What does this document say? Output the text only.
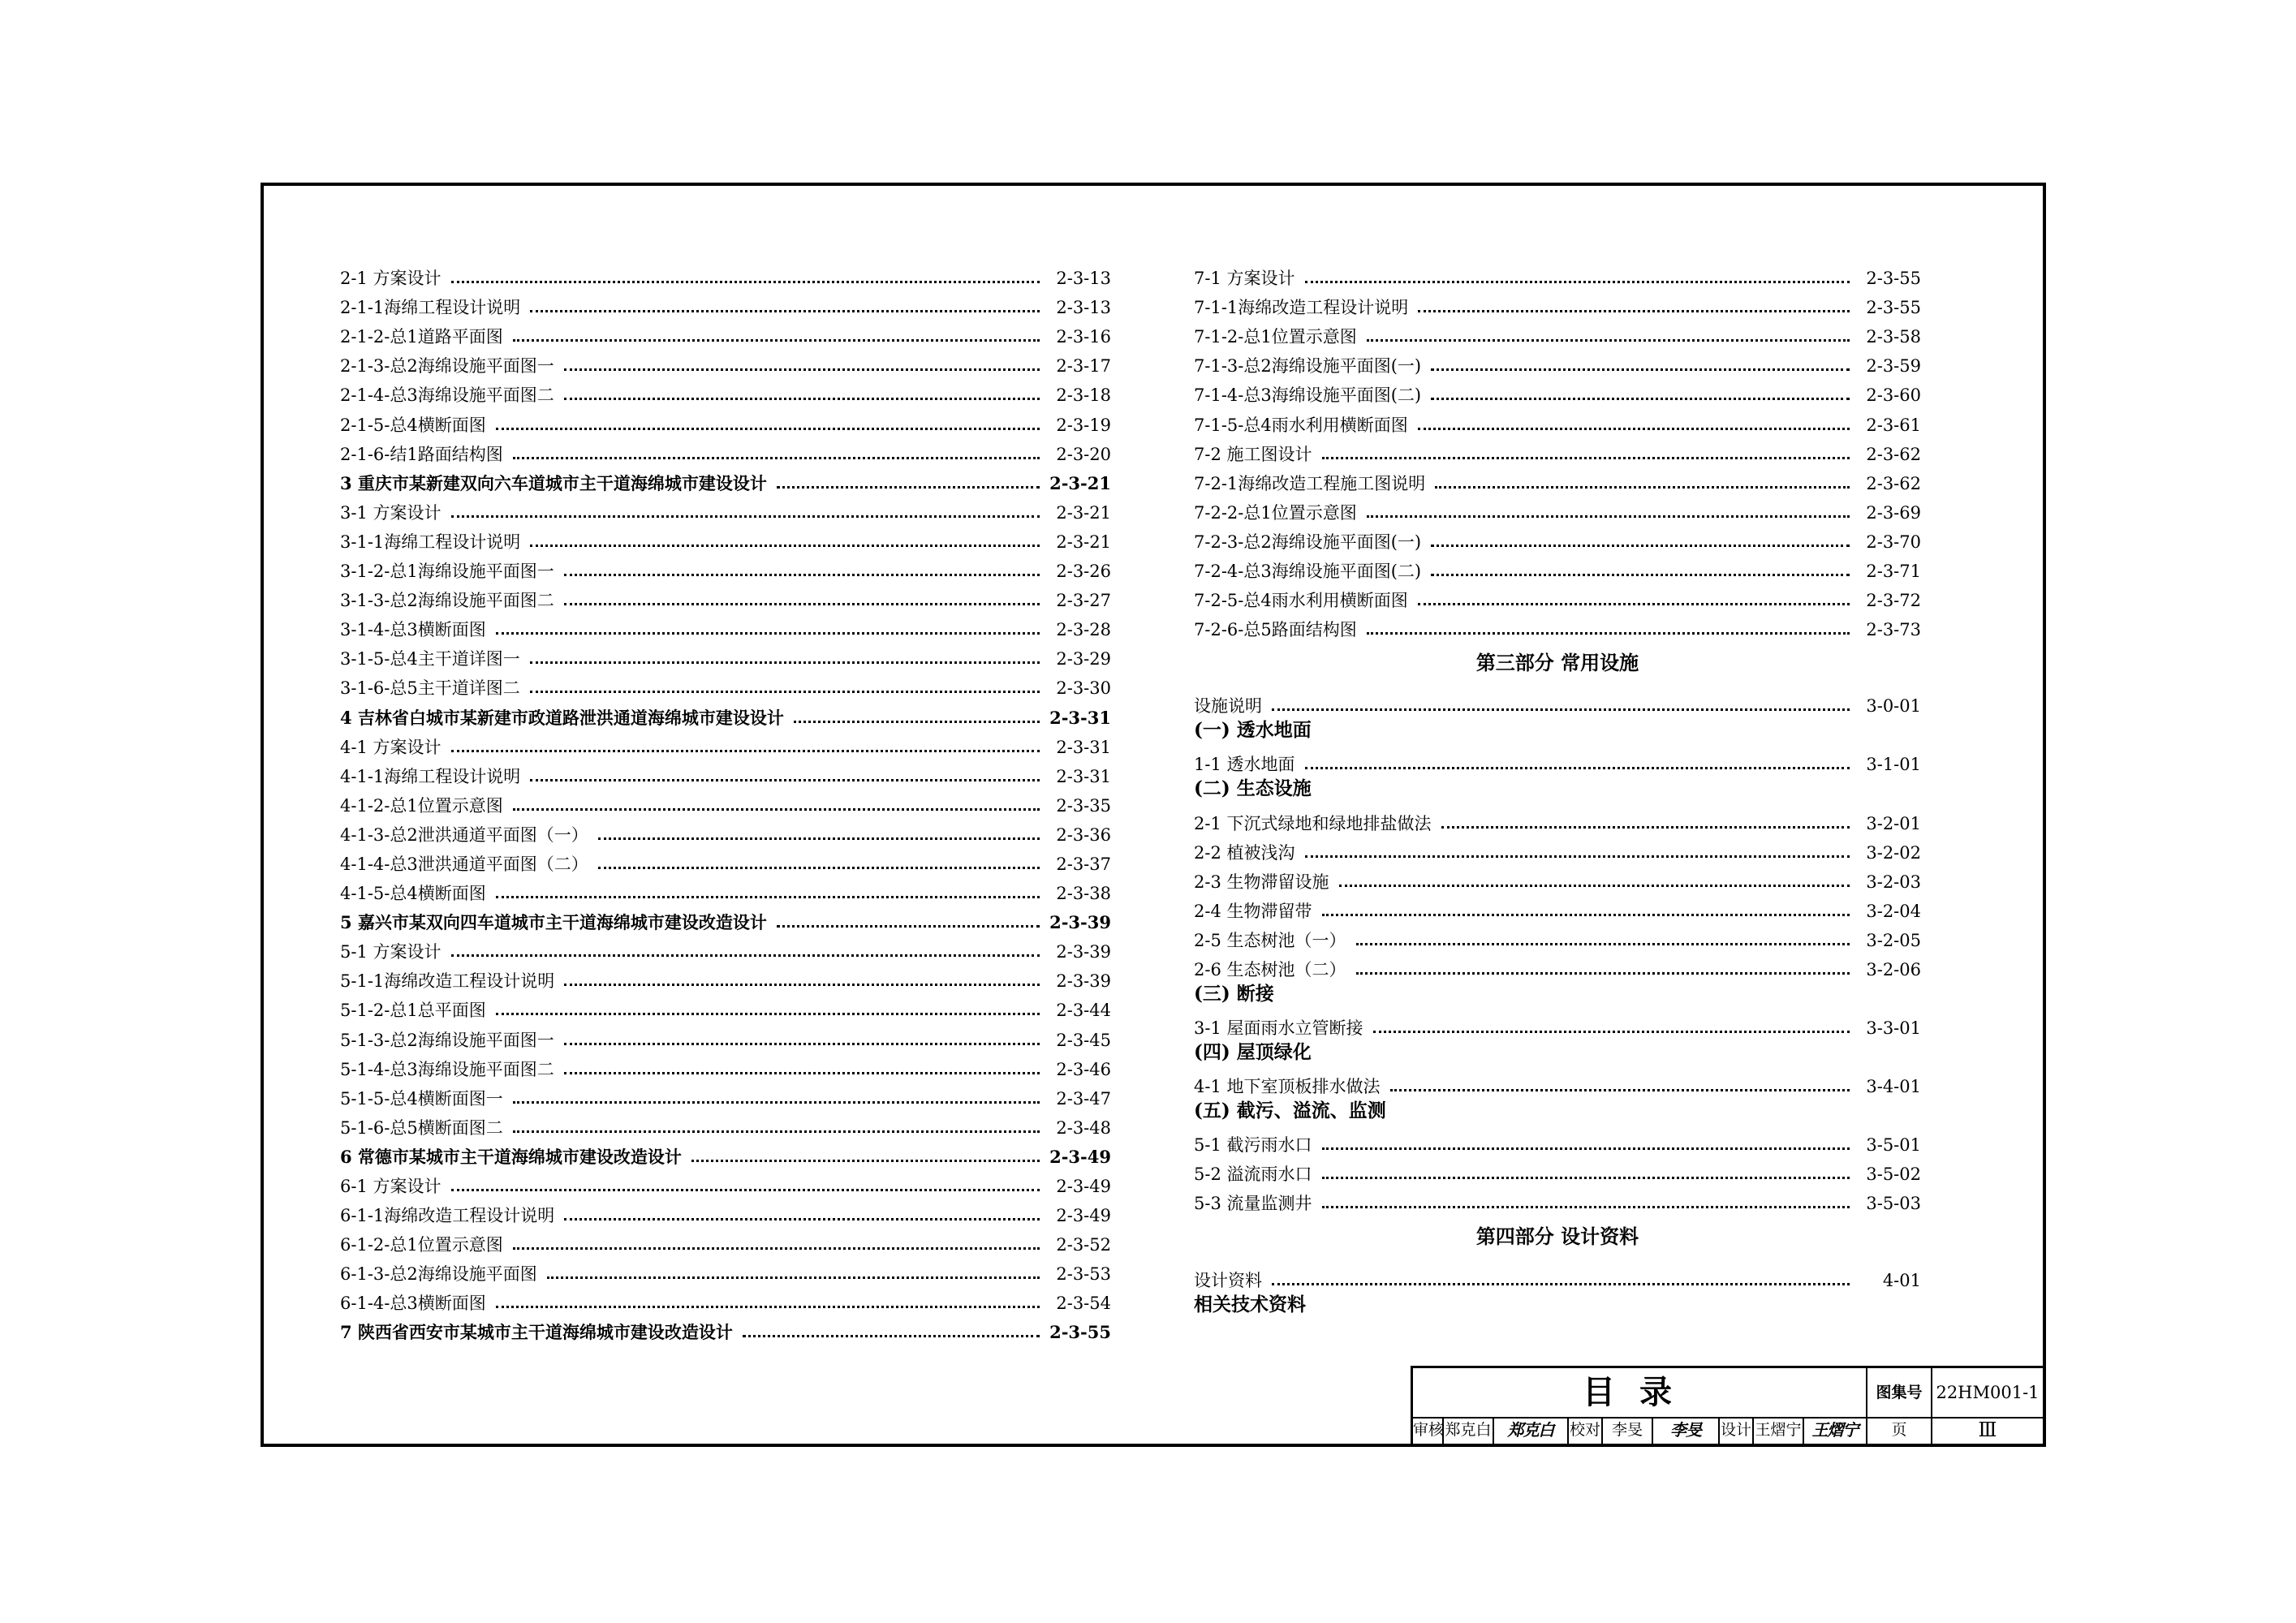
2-1 方案设计	2-3-13
2-1-1海绵工程设计说明	2-3-13
2-1-2-总1道路平面图	2-3-16
2-1-3-总2海绵设施平面图一	2-3-17
2-1-4-总3海绵设施平面图二	2-3-18
2-1-5-总4横断面图	2-3-19
2-1-6-结1路面结构图	2-3-20
3 重庆市某新建双向六车道城市主干道海绵城市建设设计	2-3-21
3-1 方案设计	2-3-21
3-1-1海绵工程设计说明	2-3-21
3-1-2-总1海绵设施平面图一	2-3-26
3-1-3-总2海绵设施平面图二	2-3-27
3-1-4-总3横断面图	2-3-28
3-1-5-总4主干道详图一	2-3-29
3-1-6-总5主干道详图二	2-3-30
4 吉林省白城市某新建市政道路泄洪通道海绵城市建设设计	2-3-31
4-1 方案设计	2-3-31
4-1-1海绵工程设计说明	2-3-31
4-1-2-总1位置示意图	2-3-35
4-1-3-总2泄洪通道平面图（一）	2-3-36
4-1-4-总3泄洪通道平面图（二）	2-3-37
4-1-5-总4横断面图	2-3-38
5 嘉兴市某双向四车道城市主干道海绵城市建设改造设计	2-3-39
5-1 方案设计	2-3-39
5-1-1海绵改造工程设计说明	2-3-39
5-1-2-总1总平面图	2-3-44
5-1-3-总2海绵设施平面图一	2-3-45
5-1-4-总3海绵设施平面图二	2-3-46
5-1-5-总4横断面图一	2-3-47
5-1-6-总5横断面图二	2-3-48
6 常德市某城市主干道海绵城市建设改造设计	2-3-49
6-1 方案设计	2-3-49
6-1-1海绵改造工程设计说明	2-3-49
6-1-2-总1位置示意图	2-3-52
6-1-3-总2海绵设施平面图	2-3-53
6-1-4-总3横断面图	2-3-54
7 陕西省西安市某城市主干道海绵城市建设改造设计	2-3-55
7-1 方案设计	2-3-55
7-1-1海绵改造工程设计说明	2-3-55
7-1-2-总1位置示意图	2-3-58
7-1-3-总2海绵设施平面图(一)	2-3-59
7-1-4-总3海绵设施平面图(二)	2-3-60
7-1-5-总4雨水利用横断面图	2-3-61
7-2 施工图设计	2-3-62
7-2-1海绵改造工程施工图说明	2-3-62
7-2-2-总1位置示意图	2-3-69
7-2-3-总2海绵设施平面图(一)	2-3-70
7-2-4-总3海绵设施平面图(二)	2-3-71
7-2-5-总4雨水利用横断面图	2-3-72
7-2-6-总5路面结构图	2-3-73
第三部分 常用设施
设施说明	3-0-01
(一) 透水地面
1-1 透水地面	3-1-01
(二) 生态设施
2-1 下沉式绿地和绿地排盐做法	3-2-01
2-2 植被浅沟	3-2-02
2-3 生物滞留设施	3-2-03
2-4 生物滞留带	3-2-04
2-5 生态树池（一）	3-2-05
2-6 生态树池（二）	3-2-06
(三) 断接
3-1 屋面雨水立管断接	3-3-01
(四) 屋顶绿化
4-1 地下室顶板排水做法	3-4-01
(五) 截污、溢流、监测
5-1 截污雨水口	3-5-01
5-2 溢流雨水口	3-5-02
5-3 流量监测井	3-5-03
第四部分 设计资料
设计资料	4-01
相关技术资料
目录	图集号 22HM001-1
审核 郑克白	郑克白	校对 李旻	李旻	设计 王熠宁 王熠宁	页	Ⅲ
